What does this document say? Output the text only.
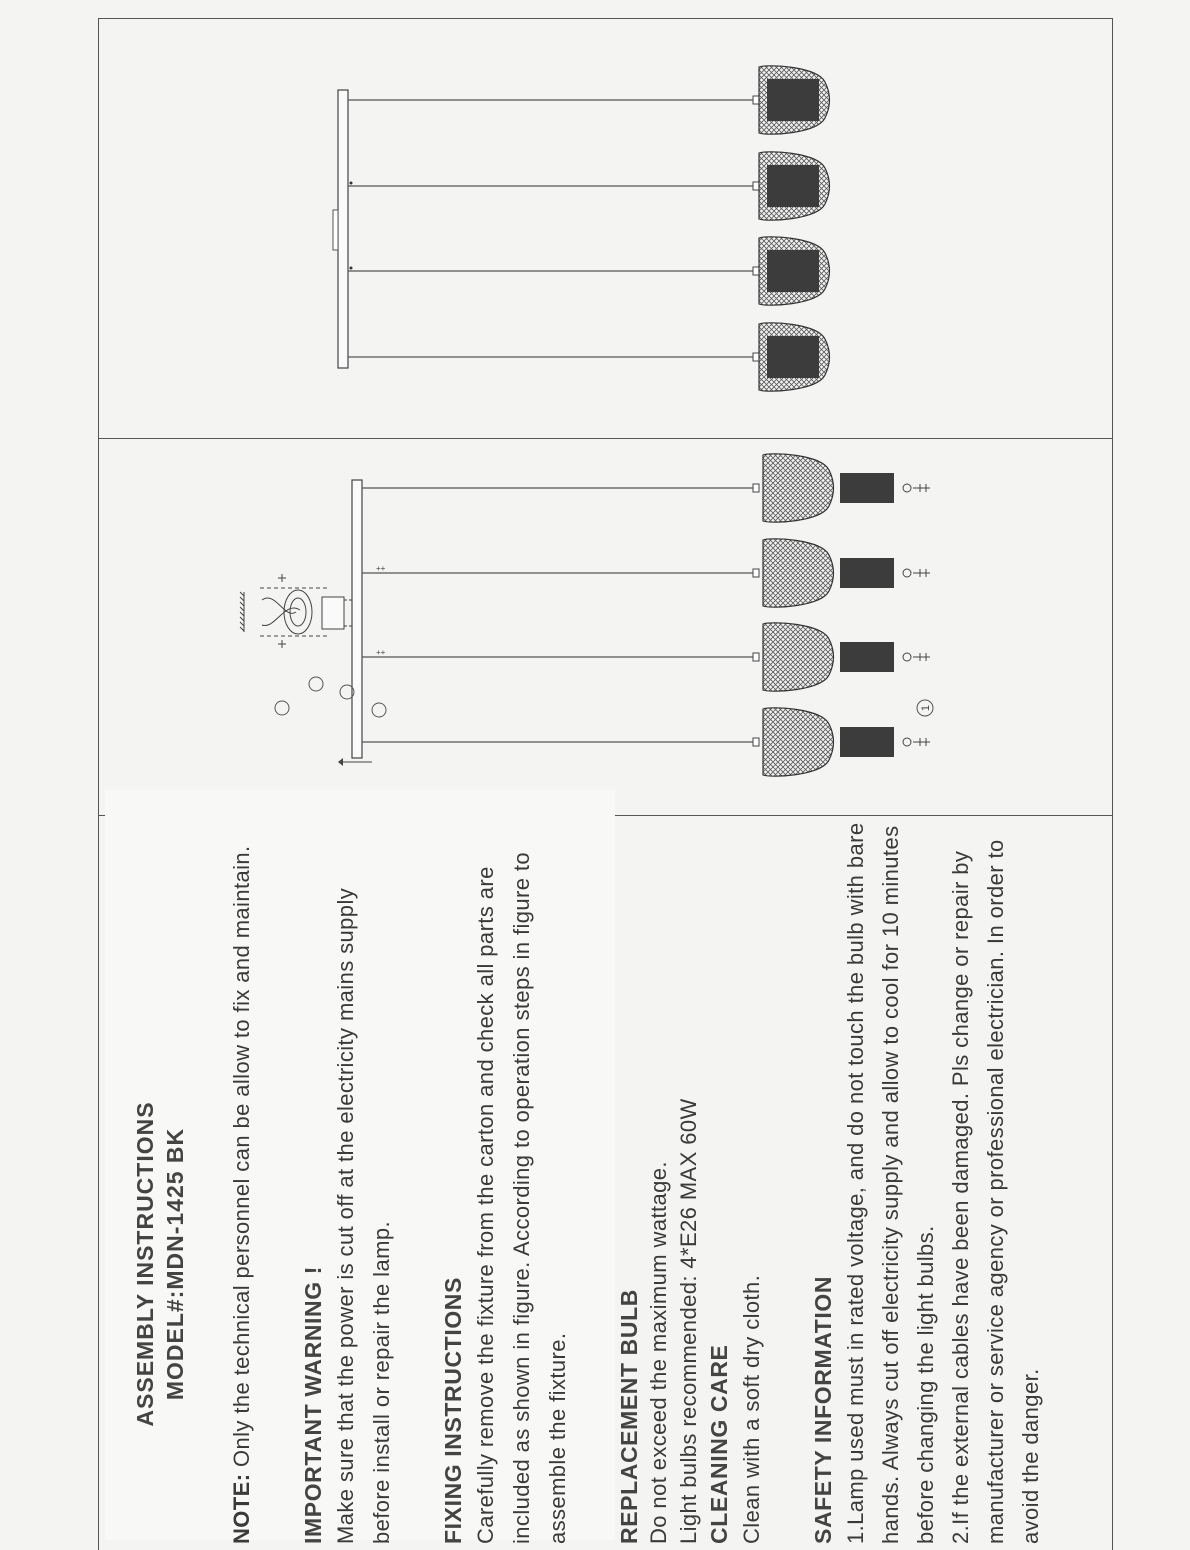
1
++
++

ASSEMBLY INSTRUCTIONS MODEL#:MDN-1425 BK

NOTE: Only the technical personnel can be allow to fix and maintain. IMPORTANT WARNING ! Make sure that the power is cut off at the electricity mains supply before install or repair the lamp. FIXING INSTRUCTIONS Carefully remove the fixture from the carton and check all parts are included as shown in figure. According to operation steps in figure to assemble the fixture. REPLACEMENT BULB Do not exceed the maximum wattage. Light bulbs recommended: 4*E26 MAX 60W CLEANING CARE Clean with a soft dry cloth. SAFETY INFORMATION 1.Lamp used must in rated voltage, and do not touch the bulb with bare hands. Always cut off electricity supply and allow to cool for 10 minutes before changing the light bulbs. 2.If the external cables have been damaged. Pls change or repair by manufacturer or service agency or professional electrician. In order to avoid the danger.
